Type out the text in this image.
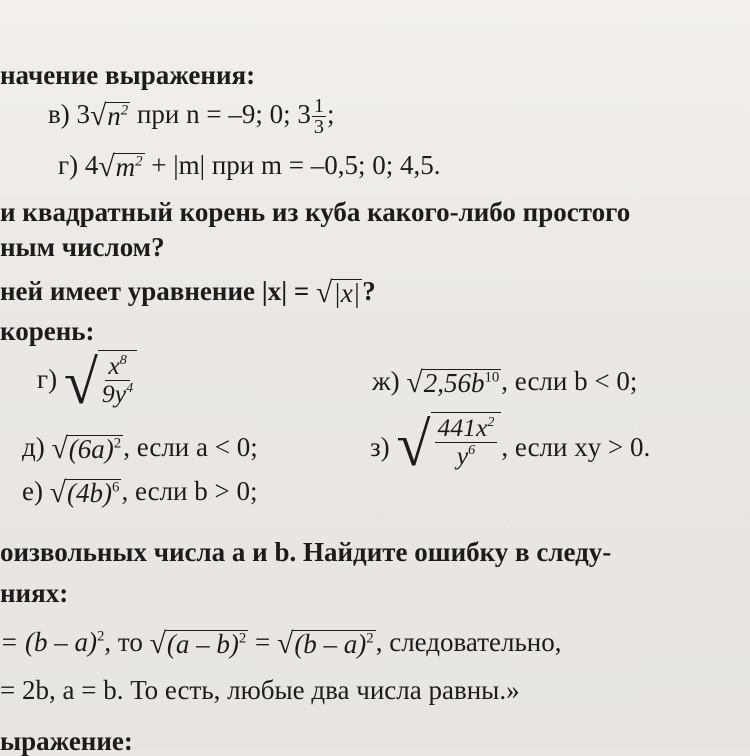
начение выражения:
в) 3 √ $n^2$ при n = –9; 0; $3 \frac{1}{3}$ ;
г) 4 √ $m^2 + |m|$ при m = –0,5; 0; 4,5.
и квадратный корень из куба какого-либо простого
ным числом?
ней имеет уравнение |x| = √ |x| ?
корень:
г) √ $\frac{x^8}{9y^4}$	ж) √ $2,56b^{10}$ , если b < 0;
д) √ $(6a)^2$ , если a < 0;	з) √ $\frac{441x^2}{y^6}$ , если xy > 0.
е) √ $(4b)^6$ , если b > 0;
оизвольных числа a и b. Найдите ошибку в следу-
ниях:
= (b – a)$^2$, то √ (a – b)$^2$ = √ (b – a)$^2$ , следовательно,
= 2b, a = b. То есть, любые два числа равны.»
ыражение:
